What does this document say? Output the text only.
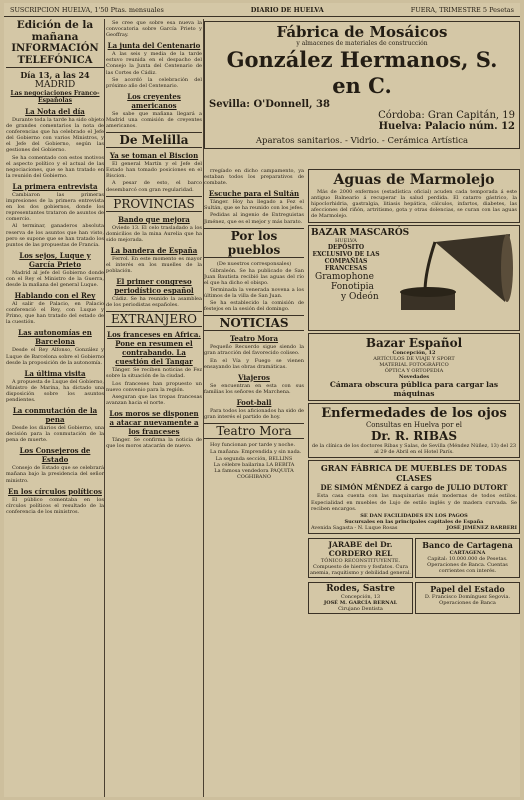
SUSCRIPCION HUELVA, 1'50 Ptas. mensuales	DIARIO DE HUELVA	FUERA, TRIMESTRE 5 Pesetas
Edición de la mañana
INFORMACIÓN TELEFÓNICA
Día 13, a las 24
MADRID
Las negociaciones Franco-Españolas
La Nota del día
Durante toda la tarde ha sido objeto de grandes comentarios la nota de conferencias que ha celebrado el Jefe del Gobierno con varios Ministros, y el Jefe del Gobierno, según las gestiones del Gobierno.
Se ha comentado con estos motivos el aspecto político y el actual de las negociaciones, que se han tratado en la reunión del Gobierno.
La primera entrevista
Cambiaron las primeras impresiones de la primera entrevista en los dos gobiernos, donde los representantes trataron de asuntos de comercio.
Al terminar, ganaderos absoluta reserva de los asuntos que han visto, pero se supone que se han tratado los puntos de las propuestas de Francia.
Los sejos, Luque y García Prieto
Madrid al jefe del Gobierno donde con el Rey el Ministro de la Guerra, desde la mañana del general Luque.
Hablando con el Rey
Al salir de Palacio, en Palacio conferenció el Rey, con Luque y Primo, que han tratado del estado de la cuestión.
Las autonomías en Barcelona
Desde el Rey Alfonso, González y Luque de Barcelona sobre el Gobierno desde la proposición de la autonomía.
La última visita
A propuesta de Luque del Gobierno, Ministro de Marina, ha dictado una disposición sobre los asuntos pendientes.
La conmutación de la pena
Desde los diarios del Gobierno, una decisión para la conmutación de la pena de muerte.
Los Consejeros de Estado
Consejo de Estado que se celebrará mañana bajo la presidencia del señor ministro.
En los círculos políticos
El público comentaba en los círculos políticos el resultado de la conferencia de los ministros.
Se cree que sobre esa nueva la convocatoria sobre García Prieto y Geoffray.
La junta del Centenario
A las seis y media de la tarde estuvo reunida en el despacho del Consejo la Junta del Centenario de las Cortes de Cádiz.
Se acordó la celebración del próximo año del Centenario.
Los creyentes americanos
Se sabe que mañana llegará a Madrid una comisión de creyentes americanos.
De Melilla
Ya se toman el Biscion
El general Martín y el Jefe del Estado han tomado posiciones en el Biscion.
A pesar de esto, el barco desembarcó con gran regularidad.
PROVINCIAS
Bando que mejora
Oviedo 13. El celo trasladado a los domicilios de la mina Aurelia que ha sido mejorada.
La bandera de España
Ferrol. En este momento es mayor el interés en los muelles de la población.
El primer congreso periodístico español
Cádiz. Se ha reunido la asamblea de los periodistas españoles.
EXTRANJERO
Los franceses en Africa. Pone en resumen el contrabando. La cuestión del Tangar
Tánger. Se reciben noticias de Fez sobre la situación de la ciudad.
Los franceses han propuesto un nuevo convenio para la región.
Aseguran que las tropas francesas avanzan hacia el norte.
Los moros se disponen a atacar nuevamente a los franceses
Tánger. Se confirma la noticia de que los moros atacarán de nuevo.
Fábrica de Mosáicos
y almacenes de materiales de construcción
González Hermanos, S. en C.
Sevilla: O'Donnell, 38
Córdoba: Gran Capitán, 19
Huelva: Palacio núm. 12
Aparatos sanitarios. - Vidrio. - Cerámica Artística
rregíado en dicho campamento, ya estaban todos los preparativos de combate.
Escuche para el Sultán
Tánger. Hoy ha llegado a Fez el Sultán, que se ha reunido con los jefes.
Pedidas al ingenio de Entreguistas Jiménez, que es el mejor y más barato.
Por los pueblos
(De nuestros corresponsales)
Gibraleón. Se ha publicado de San Juan Bautista recibió las aguas del río el que ha dicho el obispo.
Terminada la venerada novena a los últimos de la villa de San Juan.
Se ha establecido la comisión de festejos en la sesión del domingo.
NOTICIAS
Teatro Mora
Pequeño Recuerdo sigue siendo la gran atracción del favorecido coliseo.
En el Vía y Fuego se vienen ensayando las obras dramáticas.
Viajeros
Se encuentran en esta con sus familias los señores de Marchena.
Foot-ball
Para todos los aficionados ha sido de gran interés el partido de hoy.
Teatro Mora
Hoy funcionan por tarde y noche.
La mañana: Emprendida y sin nada.
La segunda sección, BELLINS
La célebre bailarina LA BEBITA
La famosa vendedora PAQUITA COGHIBANO
Aguas de Marmolejo
Más de 2000 enfermos (estadística oficial) acuden cada temporada á este antiguo Balneario á recuperar la salud perdida. El catarro gástrico, la hipoclorhidria, gastralgia, litiasis hepática, cálculos, infartos, diabetes, las afecciones del riñón, artritismo, gota y otras dolencias, se curan con las aguas de Marmolejo.
BAZAR MASCARÓS
HUELVA
DEPÓSITO EXCLUSIVO DE LAS COMPAÑÍAS FRANCESAS
Gramophone
Fonotipia
y Odeón
Bazar Español
Concepción, 12
ARTÍCULOS DE VIAJE Y SPORT
MATERIAL FOTOGRÁFICO
ÓPTICA Y ORTOPEDIA
Novedades
Cámara obscura pública para cargar las máquinas
Enfermedades de los ojos
Consultas en Huelva por el
Dr. R. RIBAS
de la clínica de los doctores Ribas y Salas, de Sevilla (Méndez Núñez, 13) del 23 al 29 de Abril en el Hotel París.
GRAN FÁBRICA DE MUEBLES DE TODAS CLASES
DE SIMÓN MÉNDEZ á cargo de JULIO DUTORT
Esta casa cuenta con las maquinarias más modernas de todos estilos. Especialidad en muebles de Lujo de estilo inglés y de madera curvada. Se reciben encargos.
SE DAN FACILIDADES EN LOS PAGOS
Sucursales en las principales capitales de España
Avenida Sagasta - N. Luque Rosas	JOSÉ JIMÉNEZ BARBERI
JARABE del Dr. CORDERO REL
TÓNICO RECONSTITUYENTE. Compuesto de hierro y fosfatos. Cura anemia, raquitismo y debilidad general.
Banco de Cartagena
CARTAGENA
Capital: 10.000.000 de Pesetas. Operaciones de Banca. Cuentas corrientes con interés.
Rodes, Sastre
Concepción, 13
JOSÉ M. GARCÍA BERNAL
Cirujano Dentista
Papel del Estado
D. Francisco Domínguez Segovia. Operaciones de Banca
